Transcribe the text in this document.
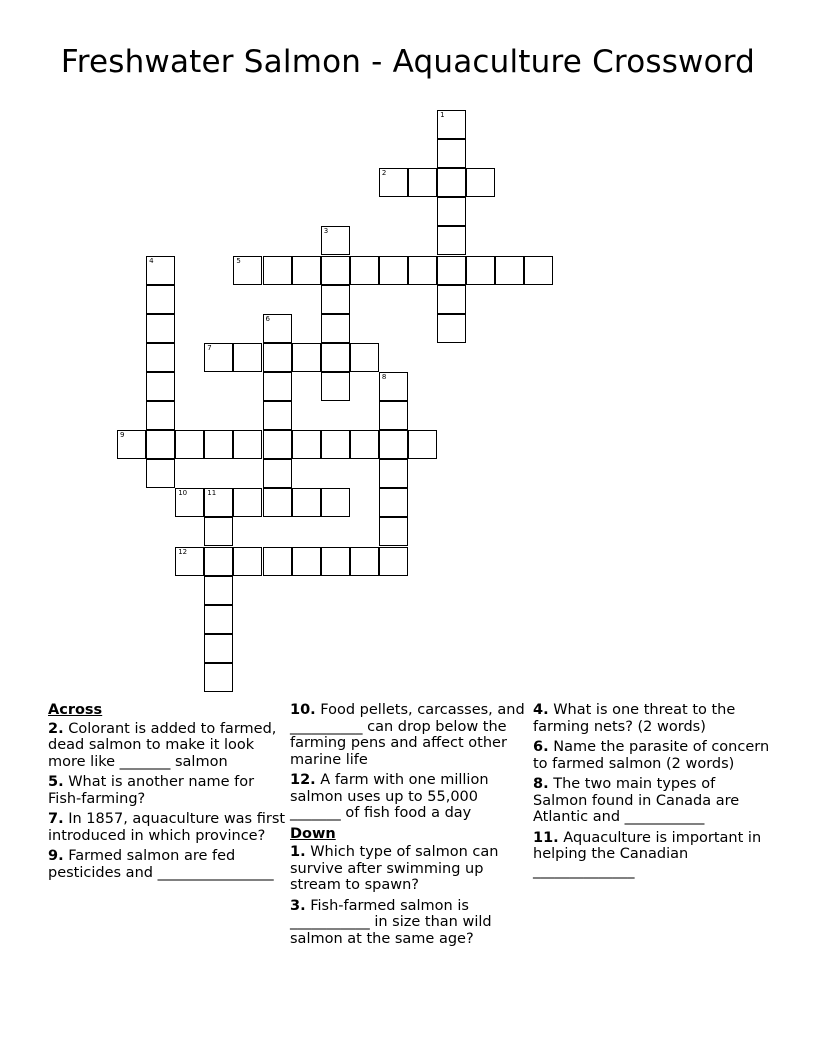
Freshwater Salmon - Aquaculture Crossword
1
2
3
4	5
6
7
8
9
10	11
12
Across
2. Colorant is added to farmed, dead salmon to make it look more like _______ salmon
5. What is another name for Fish-farming?
7. In 1857, aquaculture was first introduced in which province?
9. Farmed salmon are fed pesticides and ________________
10. Food pellets, carcasses, and __________ can drop below the farming pens and affect other marine life
12. A farm with one million salmon uses up to 55,000 _______ of fish food a day
Down
1. Which type of salmon can survive after swimming up stream to spawn?
3. Fish-farmed salmon is ___________ in size than wild salmon at the same age?
4. What is one threat to the farming nets? (2 words)
6. Name the parasite of concern to farmed salmon (2 words)
8. The two main types of Salmon found in Canada are Atlantic and ___________
11. Aquaculture is important in helping the Canadian ______________
